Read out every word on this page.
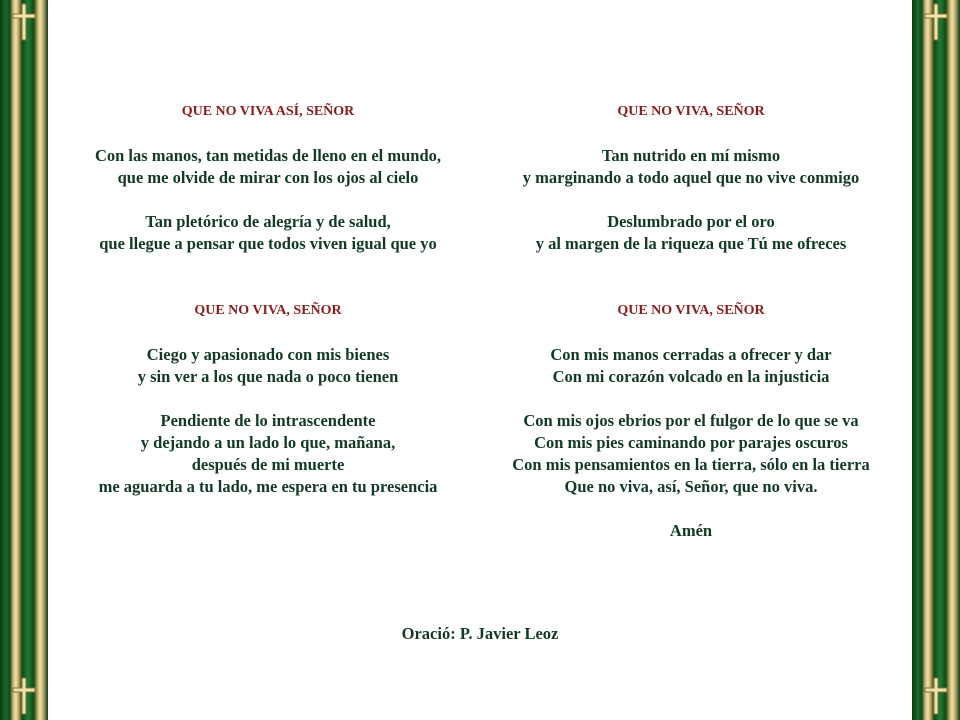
QUE NO VIVA ASÍ, SEÑOR
Con las manos, tan metidas de lleno en el mundo,
que me olvide de mirar con los ojos al cielo
Tan pletórico de alegría y de salud,
que llegue a pensar que todos viven igual que yo
QUE NO VIVA, SEÑOR
Tan nutrido en mí mismo
y marginando a todo aquel que no vive conmigo
Deslumbrado por el oro
y al margen de la riqueza que Tú me ofreces
QUE NO VIVA, SEÑOR
Ciego y apasionado con mis bienes
y sin ver a los que nada o poco tienen
Pendiente de lo intrascendente
y dejando a un lado lo que, mañana,
después de mi muerte
me aguarda a tu lado, me espera en tu presencia
QUE NO VIVA, SEÑOR
Con mis manos cerradas a ofrecer y dar
Con mi corazón volcado en la injusticia
Con mis ojos ebrios por el fulgor de lo que se va
Con mis pies caminando por parajes oscuros
Con mis pensamientos en la tierra, sólo en la tierra
Que no viva, así, Señor, que no viva.
Amén
Oració: P. Javier Leoz
